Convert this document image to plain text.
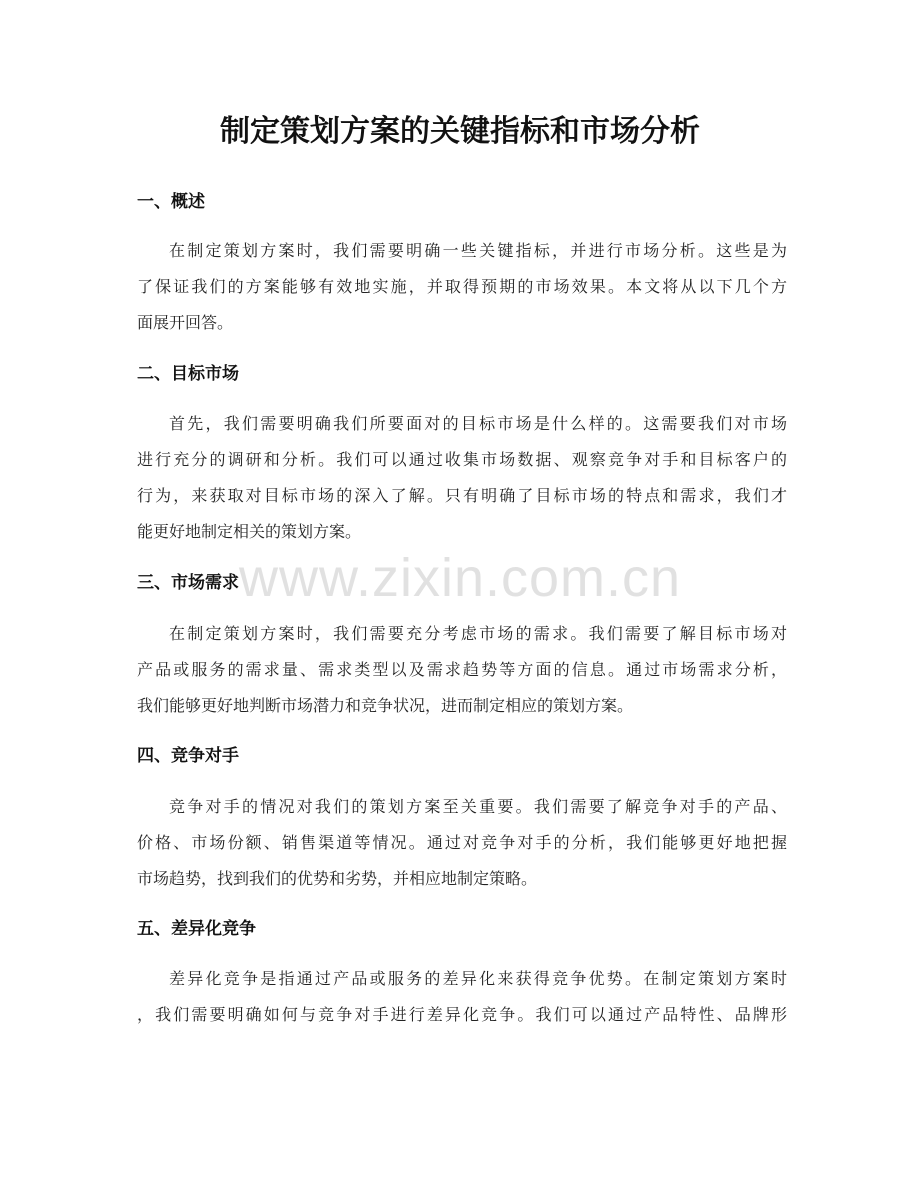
制定策划方案的关键指标和市场分析
一、概述
在制定策划方案时，我们需要明确一些关键指标，并进行市场分析。这些是为
了保证我们的方案能够有效地实施，并取得预期的市场效果。本文将从以下几个方
面展开回答。
二、目标市场
首先，我们需要明确我们所要面对的目标市场是什么样的。这需要我们对市场
进行充分的调研和分析。我们可以通过收集市场数据、观察竞争对手和目标客户的
行为，来获取对目标市场的深入了解。只有明确了目标市场的特点和需求，我们才
能更好地制定相关的策划方案。
三、市场需求
在制定策划方案时，我们需要充分考虑市场的需求。我们需要了解目标市场对
产品或服务的需求量、需求类型以及需求趋势等方面的信息。通过市场需求分析，
我们能够更好地判断市场潜力和竞争状况，进而制定相应的策划方案。
四、竞争对手
竞争对手的情况对我们的策划方案至关重要。我们需要了解竞争对手的产品、
价格、市场份额、销售渠道等情况。通过对竞争对手的分析，我们能够更好地把握
市场趋势，找到我们的优势和劣势，并相应地制定策略。
五、差异化竞争
差异化竞争是指通过产品或服务的差异化来获得竞争优势。在制定策划方案时
，我们需要明确如何与竞争对手进行差异化竞争。我们可以通过产品特性、品牌形
www.zixin.com.cn
